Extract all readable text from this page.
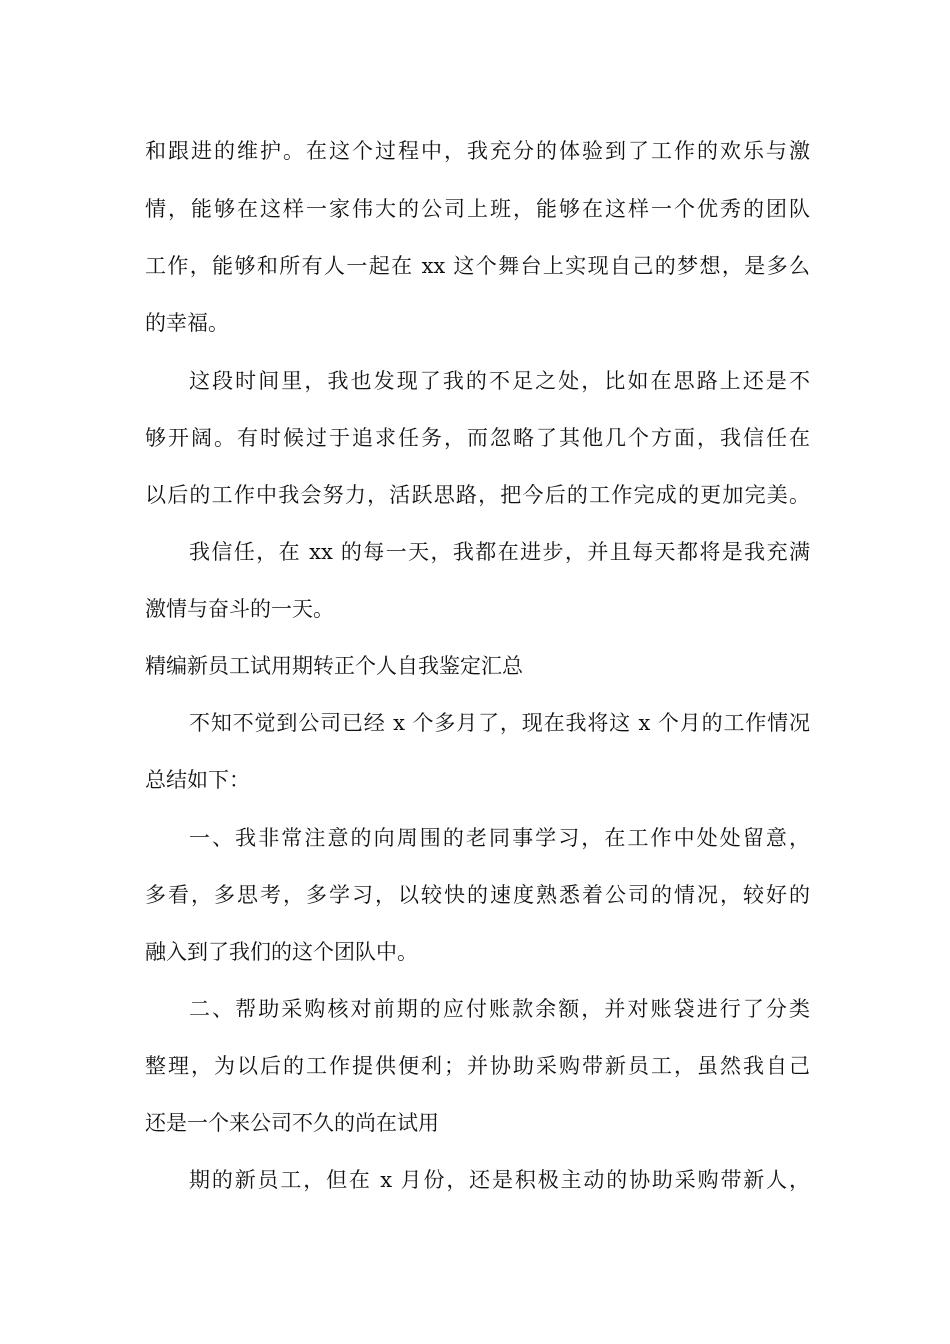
和跟进的维护。在这个过程中，我充分的体验到了工作的欢乐与激

情，能够在这样一家伟大的公司上班，能够在这样一个优秀的团队

工作，能够和所有人一起在 xx 这个舞台上实现自己的梦想，是多么

的幸福。

这段时间里，我也发现了我的不足之处，比如在思路上还是不

够开阔。有时候过于追求任务，而忽略了其他几个方面，我信任在

以后的工作中我会努力，活跃思路，把今后的工作完成的更加完美。

我信任，在 xx 的每一天，我都在进步，并且每天都将是我充满

激情与奋斗的一天。

精编新员工试用期转正个人自我鉴定汇总

不知不觉到公司已经 x 个多月了，现在我将这 x 个月的工作情况

总结如下：

一、我非常注意的向周围的老同事学习，在工作中处处留意，

多看，多思考，多学习，以较快的速度熟悉着公司的情况，较好的

融入到了我们的这个团队中。

二、帮助采购核对前期的应付账款余额，并对账袋进行了分类

整理，为以后的工作提供便利；并协助采购带新员工，虽然我自己

还是一个来公司不久的尚在试用

期的新员工，但在 x 月份，还是积极主动的协助采购带新人，
